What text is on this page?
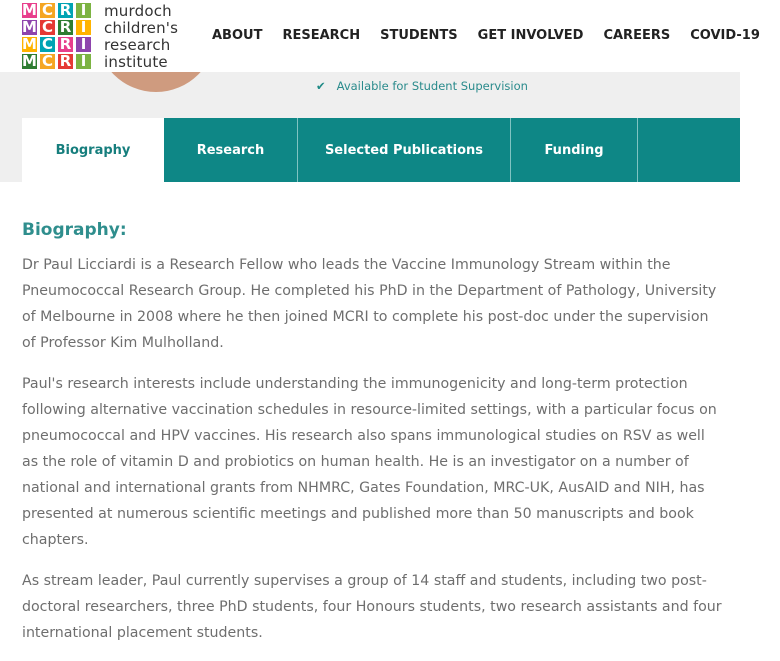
M C R I
M C R I
M C R I
M C R I
murdoch
children's
research
institute
ABOUT RESEARCH STUDENTS GET INVOLVED CAREERS COVID-19
✔ Available for Student Supervision
Biography	Research	Selected Publications	Funding
Biography:

Dr Paul Licciardi is a Research Fellow who leads the Vaccine Immunology Stream within the Pneumococcal Research Group. He completed his PhD in the Department of Pathology, University of Melbourne in 2008 where he then joined MCRI to complete his post-doc under the supervision of Professor Kim Mulholland.

Paul's research interests include understanding the immunogenicity and long-term protection following alternative vaccination schedules in resource-limited settings, with a particular focus on pneumococcal and HPV vaccines. His research also spans immunological studies on RSV as well as the role of vitamin D and probiotics on human health. He is an investigator on a number of national and international grants from NHMRC, Gates Foundation, MRC-UK, AusAID and NIH, has presented at numerous scientific meetings and published more than 50 manuscripts and book chapters.

As stream leader, Paul currently supervises a group of 14 staff and students, including two post-doctoral researchers, three PhD students, four Honours students, two research assistants and four international placement students.
